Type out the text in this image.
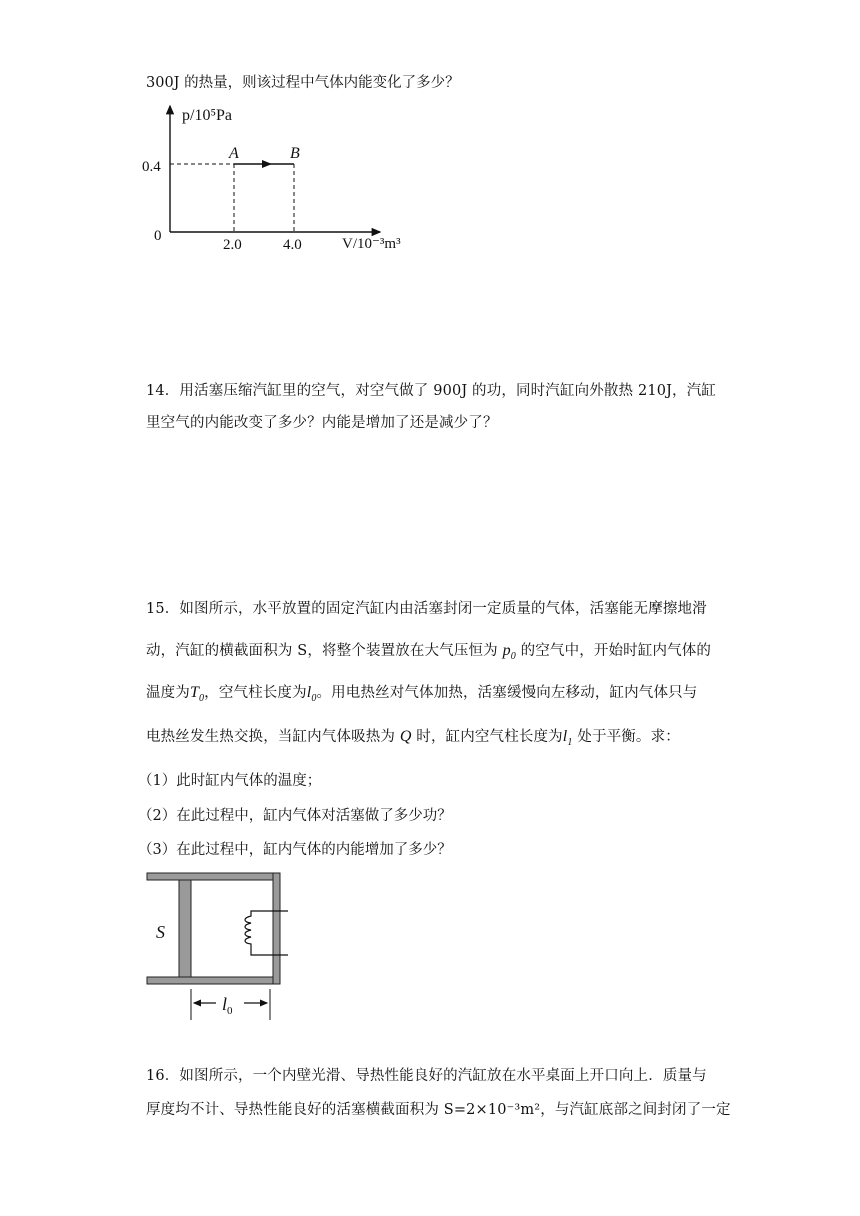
300J 的热量，则该过程中气体内能变化了多少？
p/10⁵Pa
V/10⁻³m³
0
0.4
2.0	4.0
A	B
14．用活塞压缩汽缸里的空气，对空气做了 900J 的功，同时汽缸向外散热 210J，汽缸
里空气的内能改变了多少？内能是增加了还是减少了？
15．如图所示，水平放置的固定汽缸内由活塞封闭一定质量的气体，活塞能无摩擦地滑
动，汽缸的横截面积为 S，将整个装置放在大气压恒为 $p_0$ 的空气中，开始时缸内气体的
温度为$T_0$，空气柱长度为$l_0$。用电热丝对气体加热，活塞缓慢向左移动，缸内气体只与
电热丝发生热交换，当缸内气体吸热为 Q 时，缸内空气柱长度为$l_1$ 处于平衡。求：
（1）此时缸内气体的温度；
（2）在此过程中，缸内气体对活塞做了多少功？
（3）在此过程中，缸内气体的内能增加了多少？
S
$l_0$
16．如图所示，一个内壁光滑、导热性能良好的汽缸放在水平桌面上开口向上．质量与
厚度均不计、导热性能良好的活塞横截面积为 S=2×10⁻³m²，与汽缸底部之间封闭了一定
